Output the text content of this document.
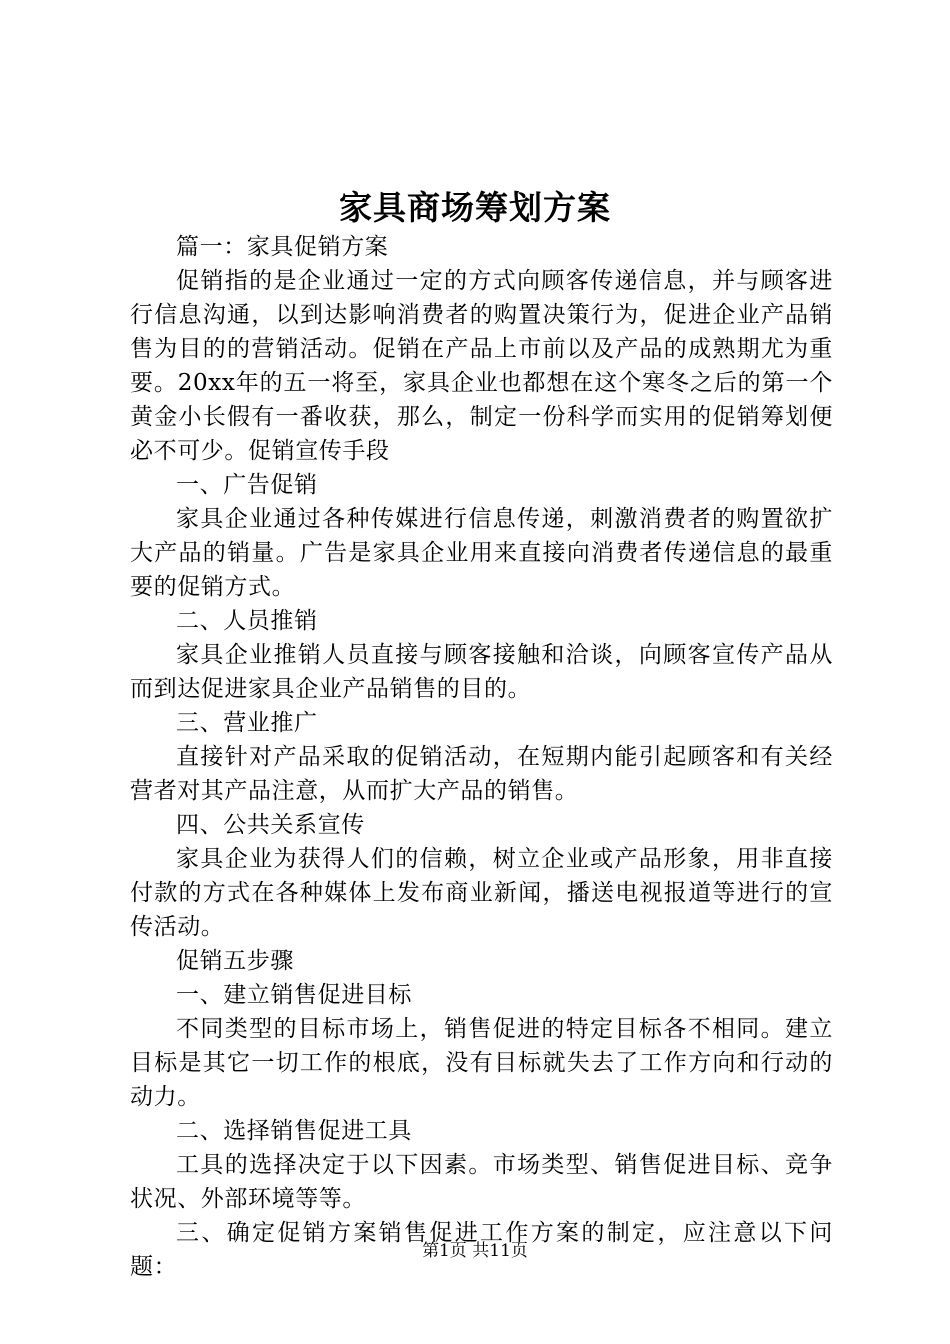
家具商场筹划方案

篇一：家具促销方案

促销指的是企业通过一定的方式向顾客传递信息，并与顾客进行信息沟通，以到达影响消费者的购置决策行为，促进企业产品销售为目的的营销活动。促销在产品上市前以及产品的成熟期尤为重要。20xx年的五一将至，家具企业也都想在这个寒冬之后的第一个黄金小长假有一番收获，那么，制定一份科学而实用的促销筹划便必不可少。促销宣传手段

一、广告促销

家具企业通过各种传媒进行信息传递，刺激消费者的购置欲扩大产品的销量。广告是家具企业用来直接向消费者传递信息的最重要的促销方式。

二、人员推销

家具企业推销人员直接与顾客接触和洽谈，向顾客宣传产品从而到达促进家具企业产品销售的目的。

三、营业推广

直接针对产品采取的促销活动，在短期内能引起顾客和有关经营者对其产品注意，从而扩大产品的销售。

四、公共关系宣传

家具企业为获得人们的信赖，树立企业或产品形象，用非直接付款的方式在各种媒体上发布商业新闻，播送电视报道等进行的宣传活动。

促销五步骤

一、建立销售促进目标

不同类型的目标市场上，销售促进的特定目标各不相同。建立目标是其它一切工作的根底，没有目标就失去了工作方向和行动的动力。

二、选择销售促进工具

工具的选择决定于以下因素。市场类型、销售促进目标、竞争状况、外部环境等等。

三、确定促销方案销售促进工作方案的制定，应注意以下问题：

第1页 共11页
